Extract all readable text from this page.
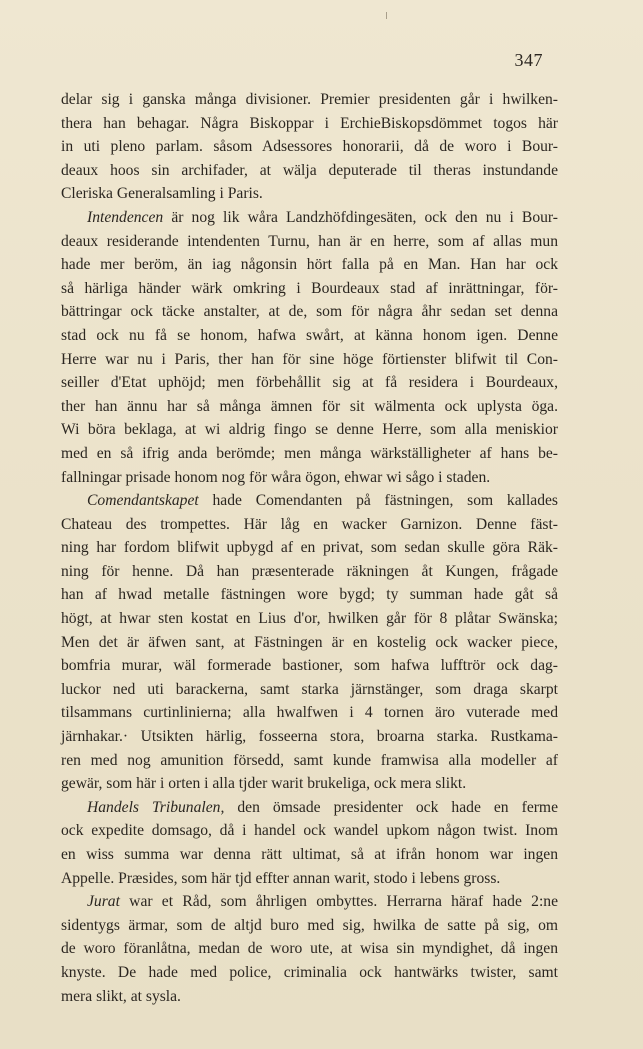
347
delar sig i ganska många divisioner. Premier presidenten går i hwilken-
thera han behagar. Några Biskoppar i ErchieBiskopsdömmet togos här
in uti pleno parlam. såsom Adsessores honorarii, då de woro i Bour-
deaux hoos sin archifader, at wälja deputerade til theras instundande
Cleriska Generalsamling i Paris.
Intendencen är nog lik wåra Landzhöfdingesäten, ock den nu i Bour-
deaux residerande intendenten Turnu, han är en herre, som af allas mun
hade mer beröm, än iag någonsin hört falla på en Man. Han har ock
så härliga händer wärk omkring i Bourdeaux stad af inrättningar, för-
bättringar ock täcke anstalter, at de, som för några åhr sedan set denna
stad ock nu få se honom, hafwa swårt, at känna honom igen. Denne
Herre war nu i Paris, ther han för sine höge förtienster blifwit til Con-
seiller d'Etat uphöjd; men förbehållit sig at få residera i Bourdeaux,
ther han ännu har så många ämnen för sit wälmenta ock uplysta öga.
Wi böra beklaga, at wi aldrig fingo se denne Herre, som alla meniskior
med en så ifrig anda berömde; men många wärkställigheter af hans be-
fallningar prisade honom nog för wåra ögon, ehwar wi sågo i staden.
Comendantskapet hade Comendanten på fästningen, som kallades
Chateau des trompettes. Här låg en wacker Garnizon. Denne fäst-
ning har fordom blifwit upbygd af en privat, som sedan skulle göra Räk-
ning för henne. Då han præsenterade räkningen åt Kungen, frågade
han af hwad metalle fästningen wore bygd; ty summan hade gåt så
högt, at hwar sten kostat en Lius d'or, hwilken går för 8 plåtar Swänska;
Men det är äfwen sant, at Fästningen är en kostelig ock wacker piece,
bomfria murar, wäl formerade bastioner, som hafwa lufftrör ock dag-
luckor ned uti barackerna, samt starka järnstänger, som draga skarpt
tilsammans curtinlinierna; alla hwalfwen i 4 tornen äro vuterade med
järnhakar.· Utsikten härlig, fosseerna stora, broarna starka. Rustkama-
ren med nog amunition försedd, samt kunde framwisa alla modeller af
gewär, som här i orten i alla tjder warit brukeliga, ock mera slikt.
Handels Tribunalen, den ömsade presidenter ock hade en ferme
ock expedite domsago, då i handel ock wandel upkom någon twist. Inom
en wiss summa war denna rätt ultimat, så at ifrån honom war ingen
Appelle. Præsides, som här tjd effter annan warit, stodo i lebens gross.
Jurat war et Råd, som åhrligen ombyttes. Herrarna häraf hade 2:ne
sidentygs ärmar, som de altjd buro med sig, hwilka de satte på sig, om
de woro föranlåtna, medan de woro ute, at wisa sin myndighet, då ingen
knyste. De hade med police, criminalia ock hantwärks twister, samt
mera slikt, at sysla.
